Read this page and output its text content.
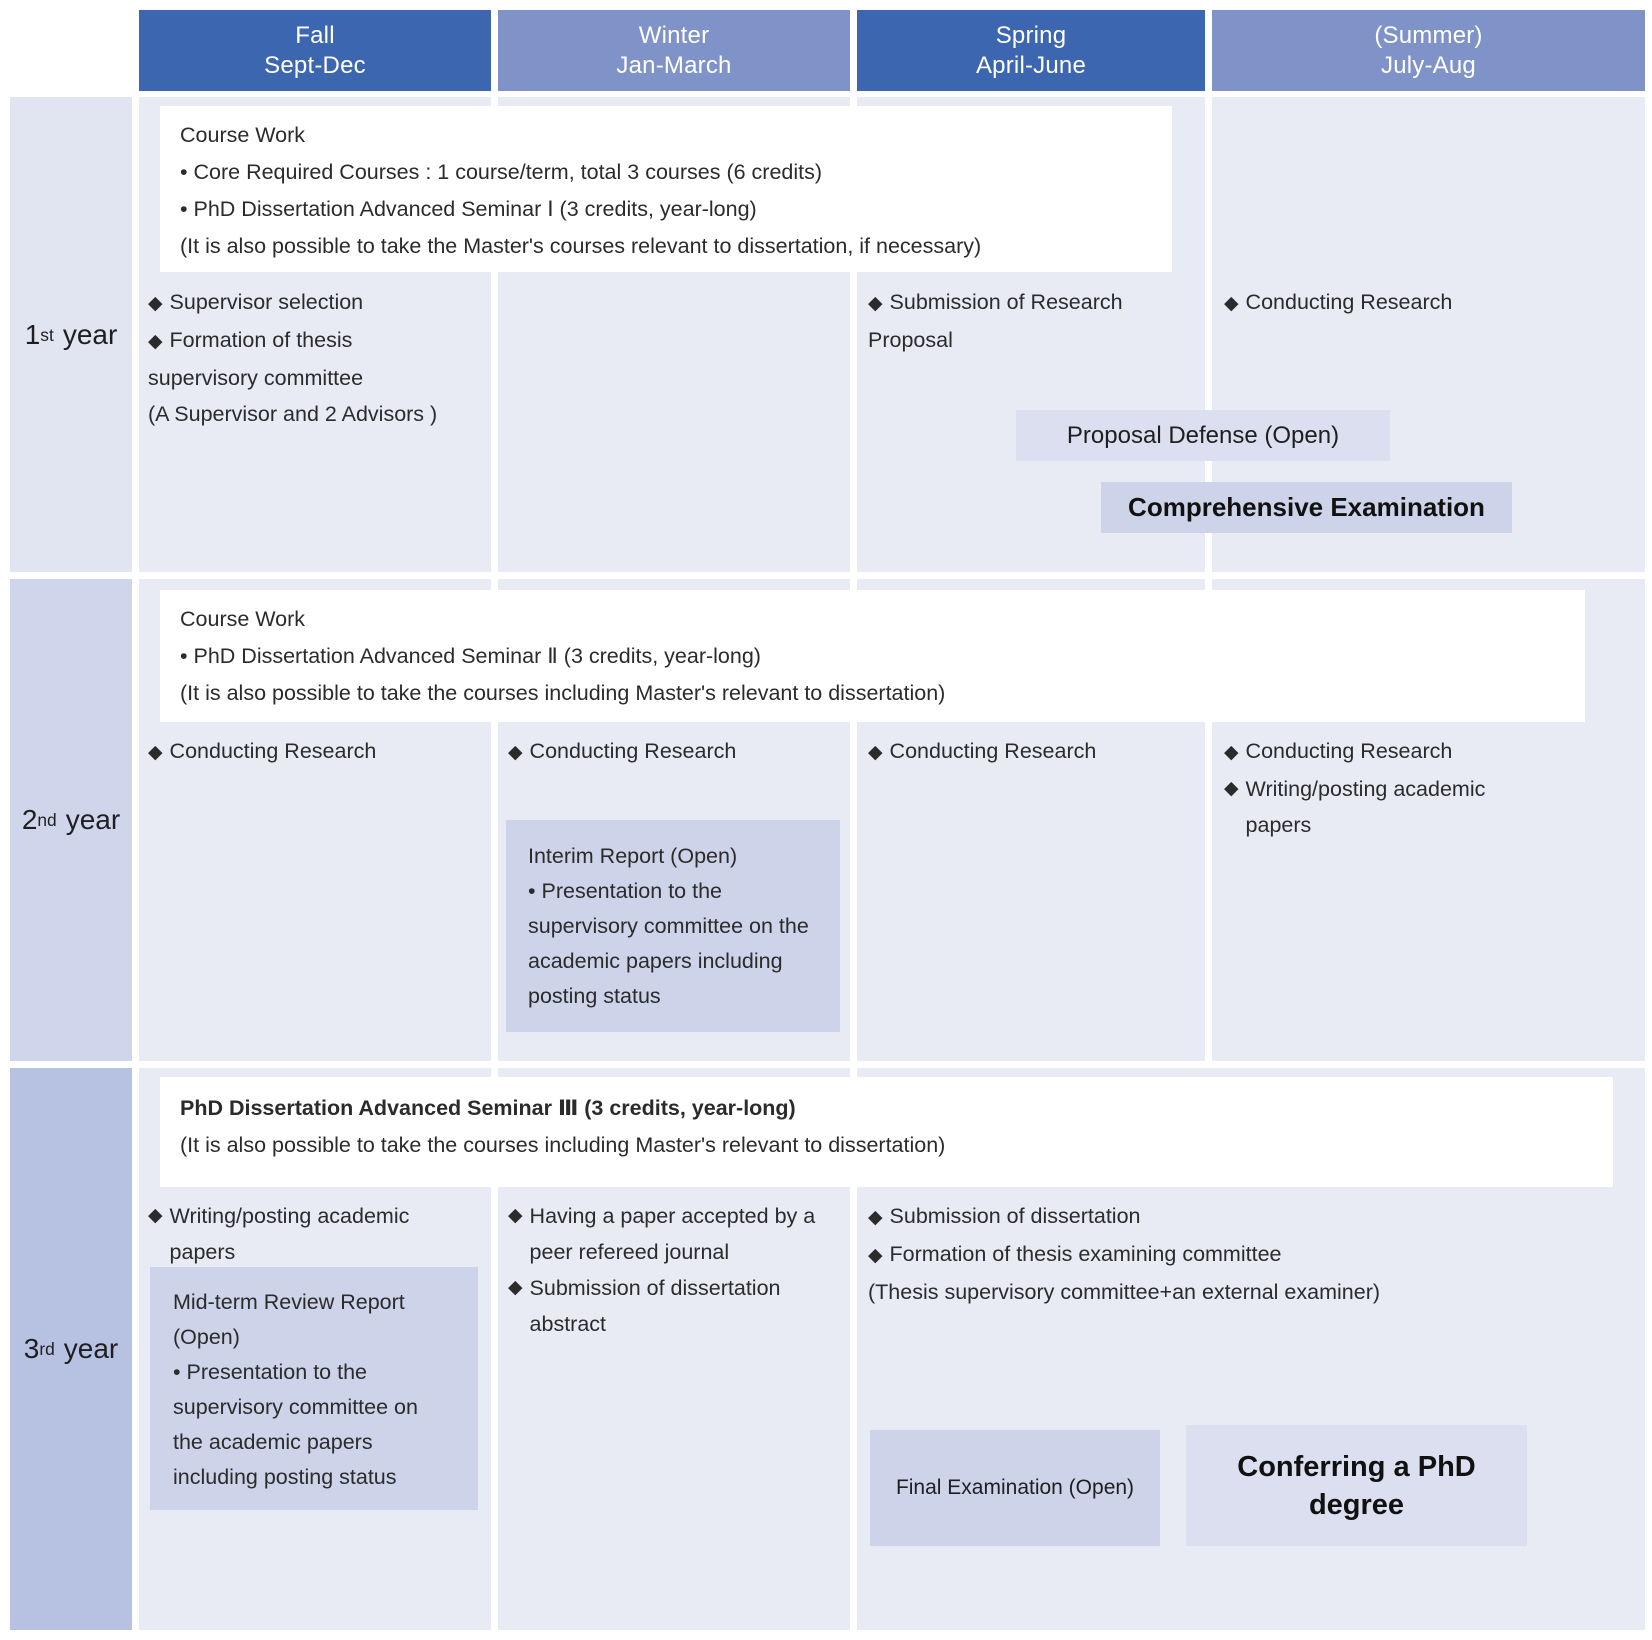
Fall
Sept-Dec
Winter
Jan-March
Spring
April-June
(Summer)
July-Aug
1 st year
2 nd year
3 rd year
Course Work
• Core Required Courses : 1 course/term, total 3 courses (6 credits)
• PhD Dissertation Advanced Seminar Ⅰ (3 credits, year-long)
(It is also possible to take the Master's courses relevant to dissertation, if necessary)
◆ Supervisor selection
◆ Formation of thesis supervisory committee
(A Supervisor and 2 Advisors )
◆ Submission of Research Proposal
◆ Conducting Research
Proposal Defense (Open)
Comprehensive Examination
Course Work
• PhD Dissertation Advanced Seminar Ⅱ (3 credits, year-long)
(It is also possible to take the courses including Master's relevant to dissertation)
◆ Conducting Research	◆ Conducting Research
Interim Report (Open)
• Presentation to the supervisory committee on the academic papers including posting status
◆ Conducting Research	◆ Conducting Research
◆ Writing/posting academic papers
PhD Dissertation Advanced Seminar Ⅲ (3 credits, year-long)
(It is also possible to take the courses including Master's relevant to dissertation)
◆ Writing/posting academic papers
Mid-term Review Report (Open)
• Presentation to the supervisory committee on the academic papers including posting status
◆ Having a paper accepted by a peer refereed journal
◆ Submission of dissertation abstract
◆ Submission of dissertation
◆ Formation of thesis examining committee
(Thesis supervisory committee+an external examiner)
Final Examination (Open)
Conferring a PhD degree
